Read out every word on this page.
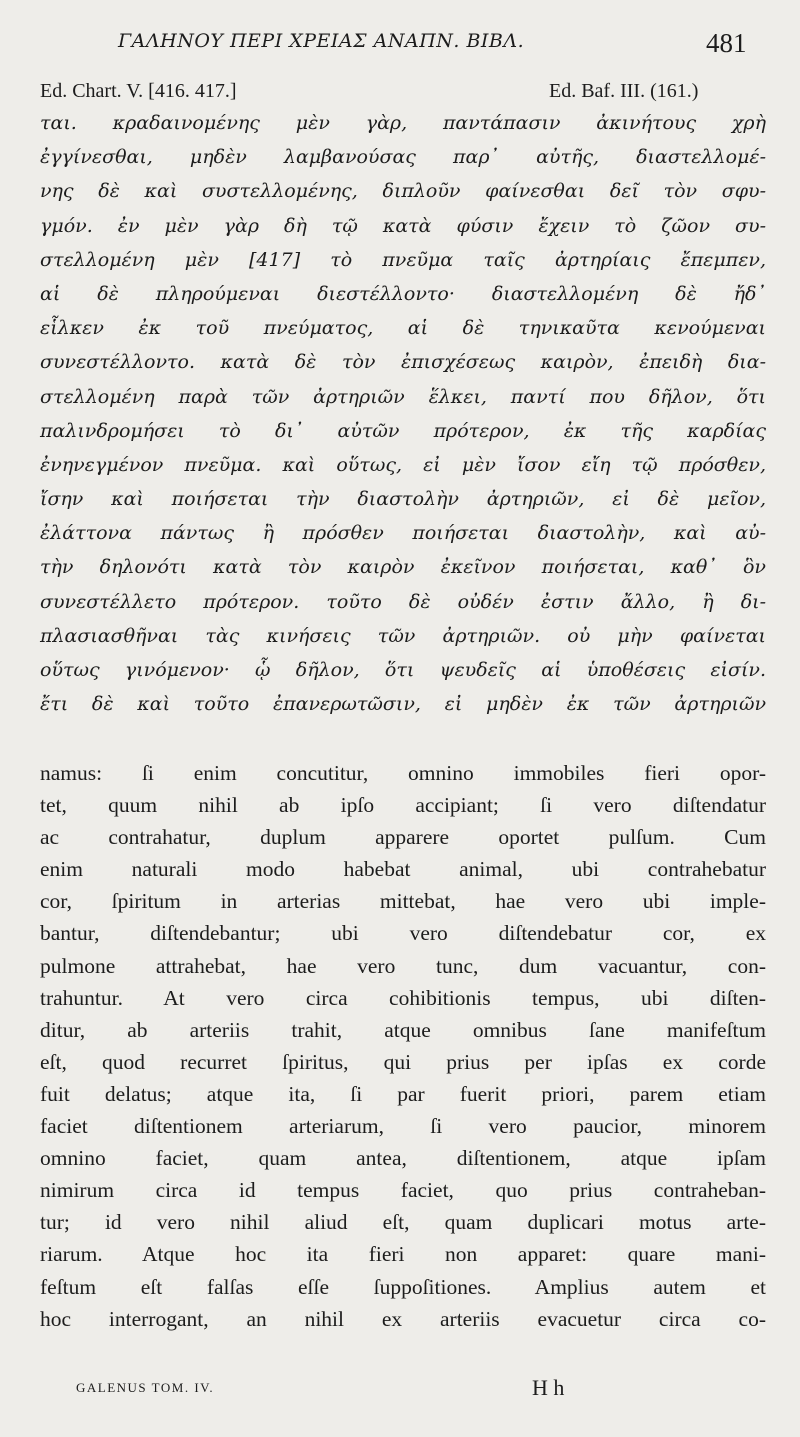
ΓΑΛΗΝΟΥ ΠΕΡΙ ΧΡΕΙΑΣ ΑΝΑΠΝ. ΒΙΒΛ.	481
Ed. Chart. V. [416. 417.]	Ed. Baf. III. (161.)
ται. κραδαινομένης μὲν γὰρ, παντάπασιν ἀκινήτους χρὴ
ἐγγίνεσθαι, μηδὲν λαμβανούσας παρ᾽ αὐτῆς, διαστελλομέ-
νης δὲ καὶ συστελλομένης, διπλοῦν φαίνεσθαι δεῖ τὸν σφυ-
γμόν. ἐν μὲν γὰρ δὴ τῷ κατὰ φύσιν ἔχειν τὸ ζῶον συ-
στελλομένη μὲν [417] τὸ πνεῦμα ταῖς ἀρτηρίαις ἔπεμπεν,
αἱ δὲ πληρούμεναι διεστέλλοντο· διαστελλομένη δὲ ἤδ᾽
εἷλκεν ἐκ τοῦ πνεύματος, αἱ δὲ τηνικαῦτα κενούμεναι
συνεστέλλοντο. κατὰ δὲ τὸν ἐπισχέσεως καιρὸν, ἐπειδὴ δια-
στελλομένη παρὰ τῶν ἀρτηριῶν ἕλκει, παντί που δῆλον, ὅτι
παλινδρομήσει τὸ δι᾽ αὐτῶν πρότερον, ἐκ τῆς καρδίας
ἐνηνεγμένον πνεῦμα. καὶ οὕτως, εἰ μὲν ἴσον εἴη τῷ πρόσθεν,
ἴσην καὶ ποιήσεται τὴν διαστολὴν ἀρτηριῶν, εἰ δὲ μεῖον,
ἐλάττονα πάντως ἢ πρόσθεν ποιήσεται διαστολὴν, καὶ αὐ-
τὴν δηλονότι κατὰ τὸν καιρὸν ἐκεῖνον ποιήσεται, καθ᾽ ὃν
συνεστέλλετο πρότερον. τοῦτο δὲ οὐδέν ἐστιν ἄλλο, ἢ δι-
πλασιασθῆναι τὰς κινήσεις τῶν ἀρτηριῶν. οὐ μὴν φαίνεται
οὕτως γινόμενον· ᾧ δῆλον, ὅτι ψευδεῖς αἱ ὑποθέσεις εἰσίν.
ἔτι δὲ καὶ τοῦτο ἐπανερωτῶσιν, εἰ μηδὲν ἐκ τῶν ἀρτηριῶν
namus: ſi enim concutitur, omnino immobiles fieri opor-
tet, quum nihil ab ipſo accipiant; ſi vero diſtendatur
ac contrahatur, duplum apparere oportet pulſum. Cum
enim naturali modo habebat animal, ubi contrahebatur
cor, ſpiritum in arterias mittebat, hae vero ubi imple-
bantur, diſtendebantur; ubi vero diſtendebatur cor, ex
pulmone attrahebat, hae vero tunc, dum vacuantur, con-
trahuntur. At vero circa cohibitionis tempus, ubi diſten-
ditur, ab arteriis trahit, atque omnibus ſane manifeſtum
eſt, quod recurret ſpiritus, qui prius per ipſas ex corde
fuit delatus; atque ita, ſi par fuerit priori, parem etiam
faciet diſtentionem arteriarum, ſi vero paucior, minorem
omnino faciet, quam antea, diſtentionem, atque ipſam
nimirum circa id tempus faciet, quo prius contraheban-
tur; id vero nihil aliud eſt, quam duplicari motus arte-
riarum. Atque hoc ita fieri non apparet: quare mani-
feſtum eſt falſas eſſe ſuppoſitiones. Amplius autem et
hoc interrogant, an nihil ex arteriis evacuetur circa co-
GALENUS TOM. IV.	H h
